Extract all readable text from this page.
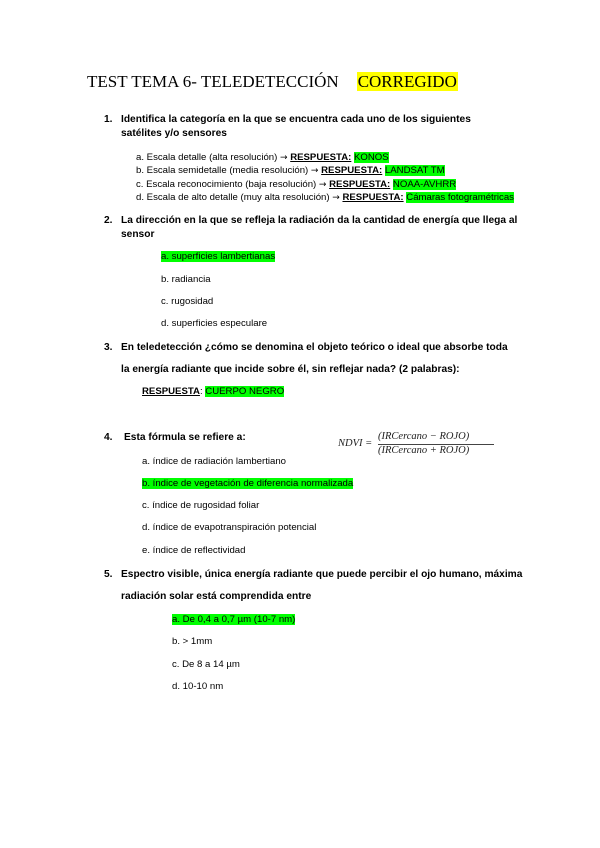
TEST TEMA 6- TELEDETECCIÓN CORREGIDO
1. Identifica la categoría en la que se encuentra cada uno de los siguientes
satélites y/o sensores
a. Escala detalle (alta resolución) → RESPUESTA: KONOS
b. Escala semidetalle (media resolución) → RESPUESTA: LANDSAT TM
c. Escala reconocimiento (baja resolución) → RESPUESTA: NOAA-AVHRR
d. Escala de alto detalle (muy alta resolución) → RESPUESTA: Cámaras fotogramétricas
2. La dirección en la que se refleja la radiación da la cantidad de energía que llega al
sensor
a. superficies lambertianas
b. radiancia
c. rugosidad
d. superficies especulare
3. En teledetección ¿cómo se denomina el objeto teórico o ideal que absorbe toda
la energía radiante que incide sobre él, sin reflejar nada? (2 palabras):
RESPUESTA: CUERPO NEGRO
4. Esta fórmula se refiere a:
NDVI =
(IRCercano − ROJO)
(IRCercano + ROJO)
a. índice de radiación lambertiano
b. índice de vegetación de diferencia normalizada
c. índice de rugosidad foliar
d. índice de evapotranspiración potencial
e. índice de reflectividad
5. Espectro visible, única energía radiante que puede percibir el ojo humano, máxima
radiación solar está comprendida entre
a. De 0,4 a 0,7 µm (10-7 nm)
b. > 1mm
c. De 8 a 14 µm
d. 10-10 nm
